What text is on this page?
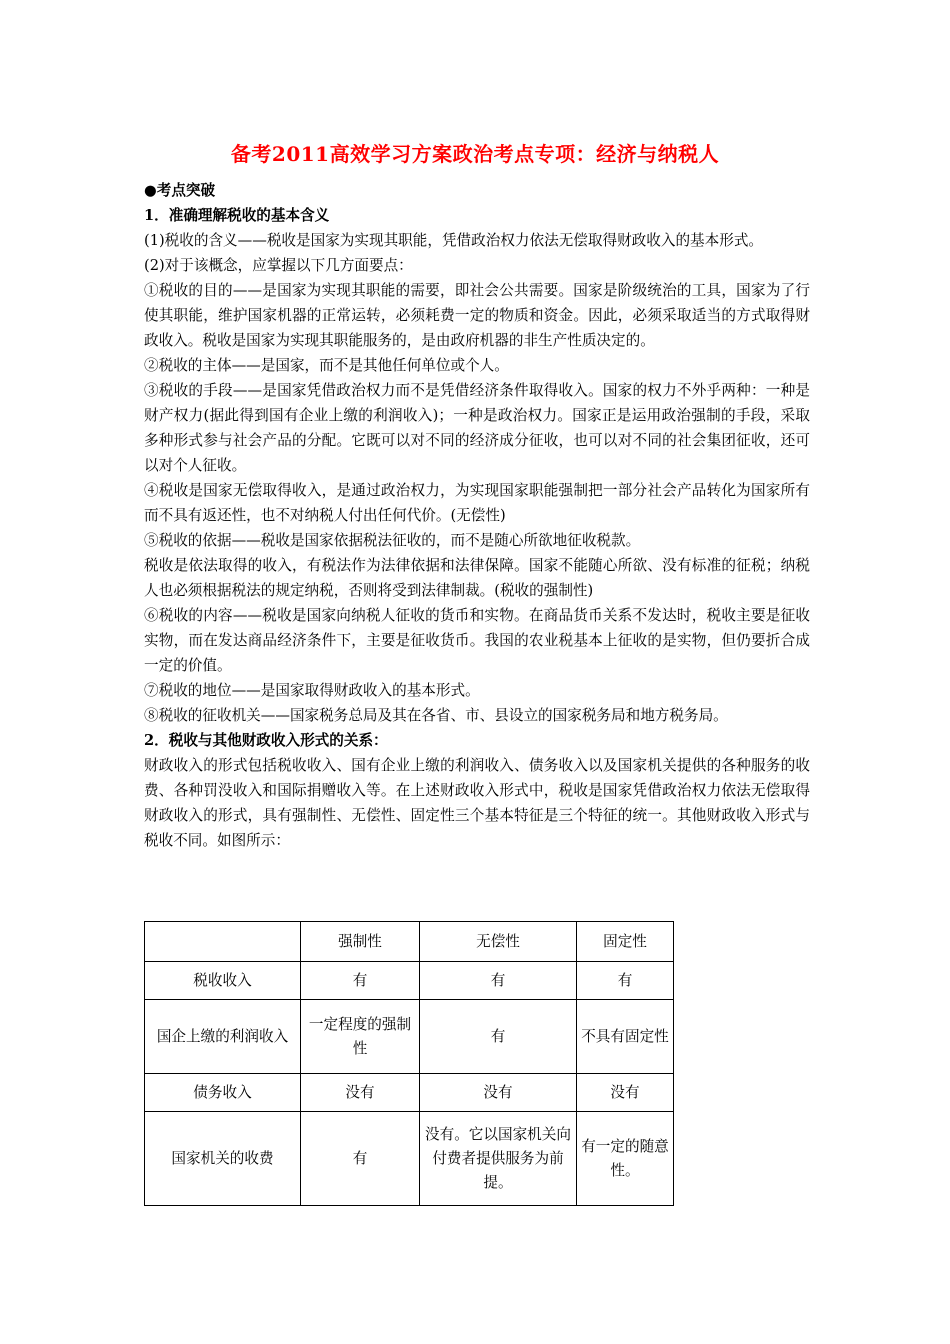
备考2011高效学习方案政治考点专项：经济与纳税人

●考点突破

1．准确理解税收的基本含义

(1)税收的含义——税收是国家为实现其职能，凭借政治权力依法无偿取得财政收入的基本形式。

(2)对于该概念，应掌握以下几方面要点：

①税收的目的——是国家为实现其职能的需要，即社会公共需要。国家是阶级统治的工具，国家为了行使其职能，维护国家机器的正常运转，必须耗费一定的物质和资金。因此，必须采取适当的方式取得财政收入。税收是国家为实现其职能服务的，是由政府机器的非生产性质决定的。

②税收的主体——是国家，而不是其他任何单位或个人。

③税收的手段——是国家凭借政治权力而不是凭借经济条件取得收入。国家的权力不外乎两种：一种是财产权力(据此得到国有企业上缴的利润收入)；一种是政治权力。国家正是运用政治强制的手段，采取多种形式参与社会产品的分配。它既可以对不同的经济成分征收，也可以对不同的社会集团征收，还可以对个人征收。

④税收是国家无偿取得收入，是通过政治权力，为实现国家职能强制把一部分社会产品转化为国家所有而不具有返还性，也不对纳税人付出任何代价。(无偿性)

⑤税收的依据——税收是国家依据税法征收的，而不是随心所欲地征收税款。

税收是依法取得的收入，有税法作为法律依据和法律保障。国家不能随心所欲、没有标准的征税；纳税人也必须根据税法的规定纳税，否则将受到法律制裁。(税收的强制性)

⑥税收的内容——税收是国家向纳税人征收的货币和实物。在商品货币关系不发达时，税收主要是征收实物，而在发达商品经济条件下，主要是征收货币。我国的农业税基本上征收的是实物，但仍要折合成一定的价值。

⑦税收的地位——是国家取得财政收入的基本形式。

⑧税收的征收机关——国家税务总局及其在各省、市、县设立的国家税务局和地方税务局。

2．税收与其他财政收入形式的关系：

财政收入的形式包括税收收入、国有企业上缴的利润收入、债务收入以及国家机关提供的各种服务的收费、各种罚没收入和国际捐赠收入等。在上述财政收入形式中，税收是国家凭借政治权力依法无偿取得财政收入的形式，具有强制性、无偿性、固定性三个基本特征是三个特征的统一。其他财政收入形式与税收不同。如图所示：

	强制性	无偿性	固定性
税收收入	有	有	有
国企上缴的利润收入	一定程度的强制性	有	不具有固定性
债务收入	没有	没有	没有
国家机关的收费	有	没有。它以国家机关向付费者提供服务为前提。	有一定的随意性。
